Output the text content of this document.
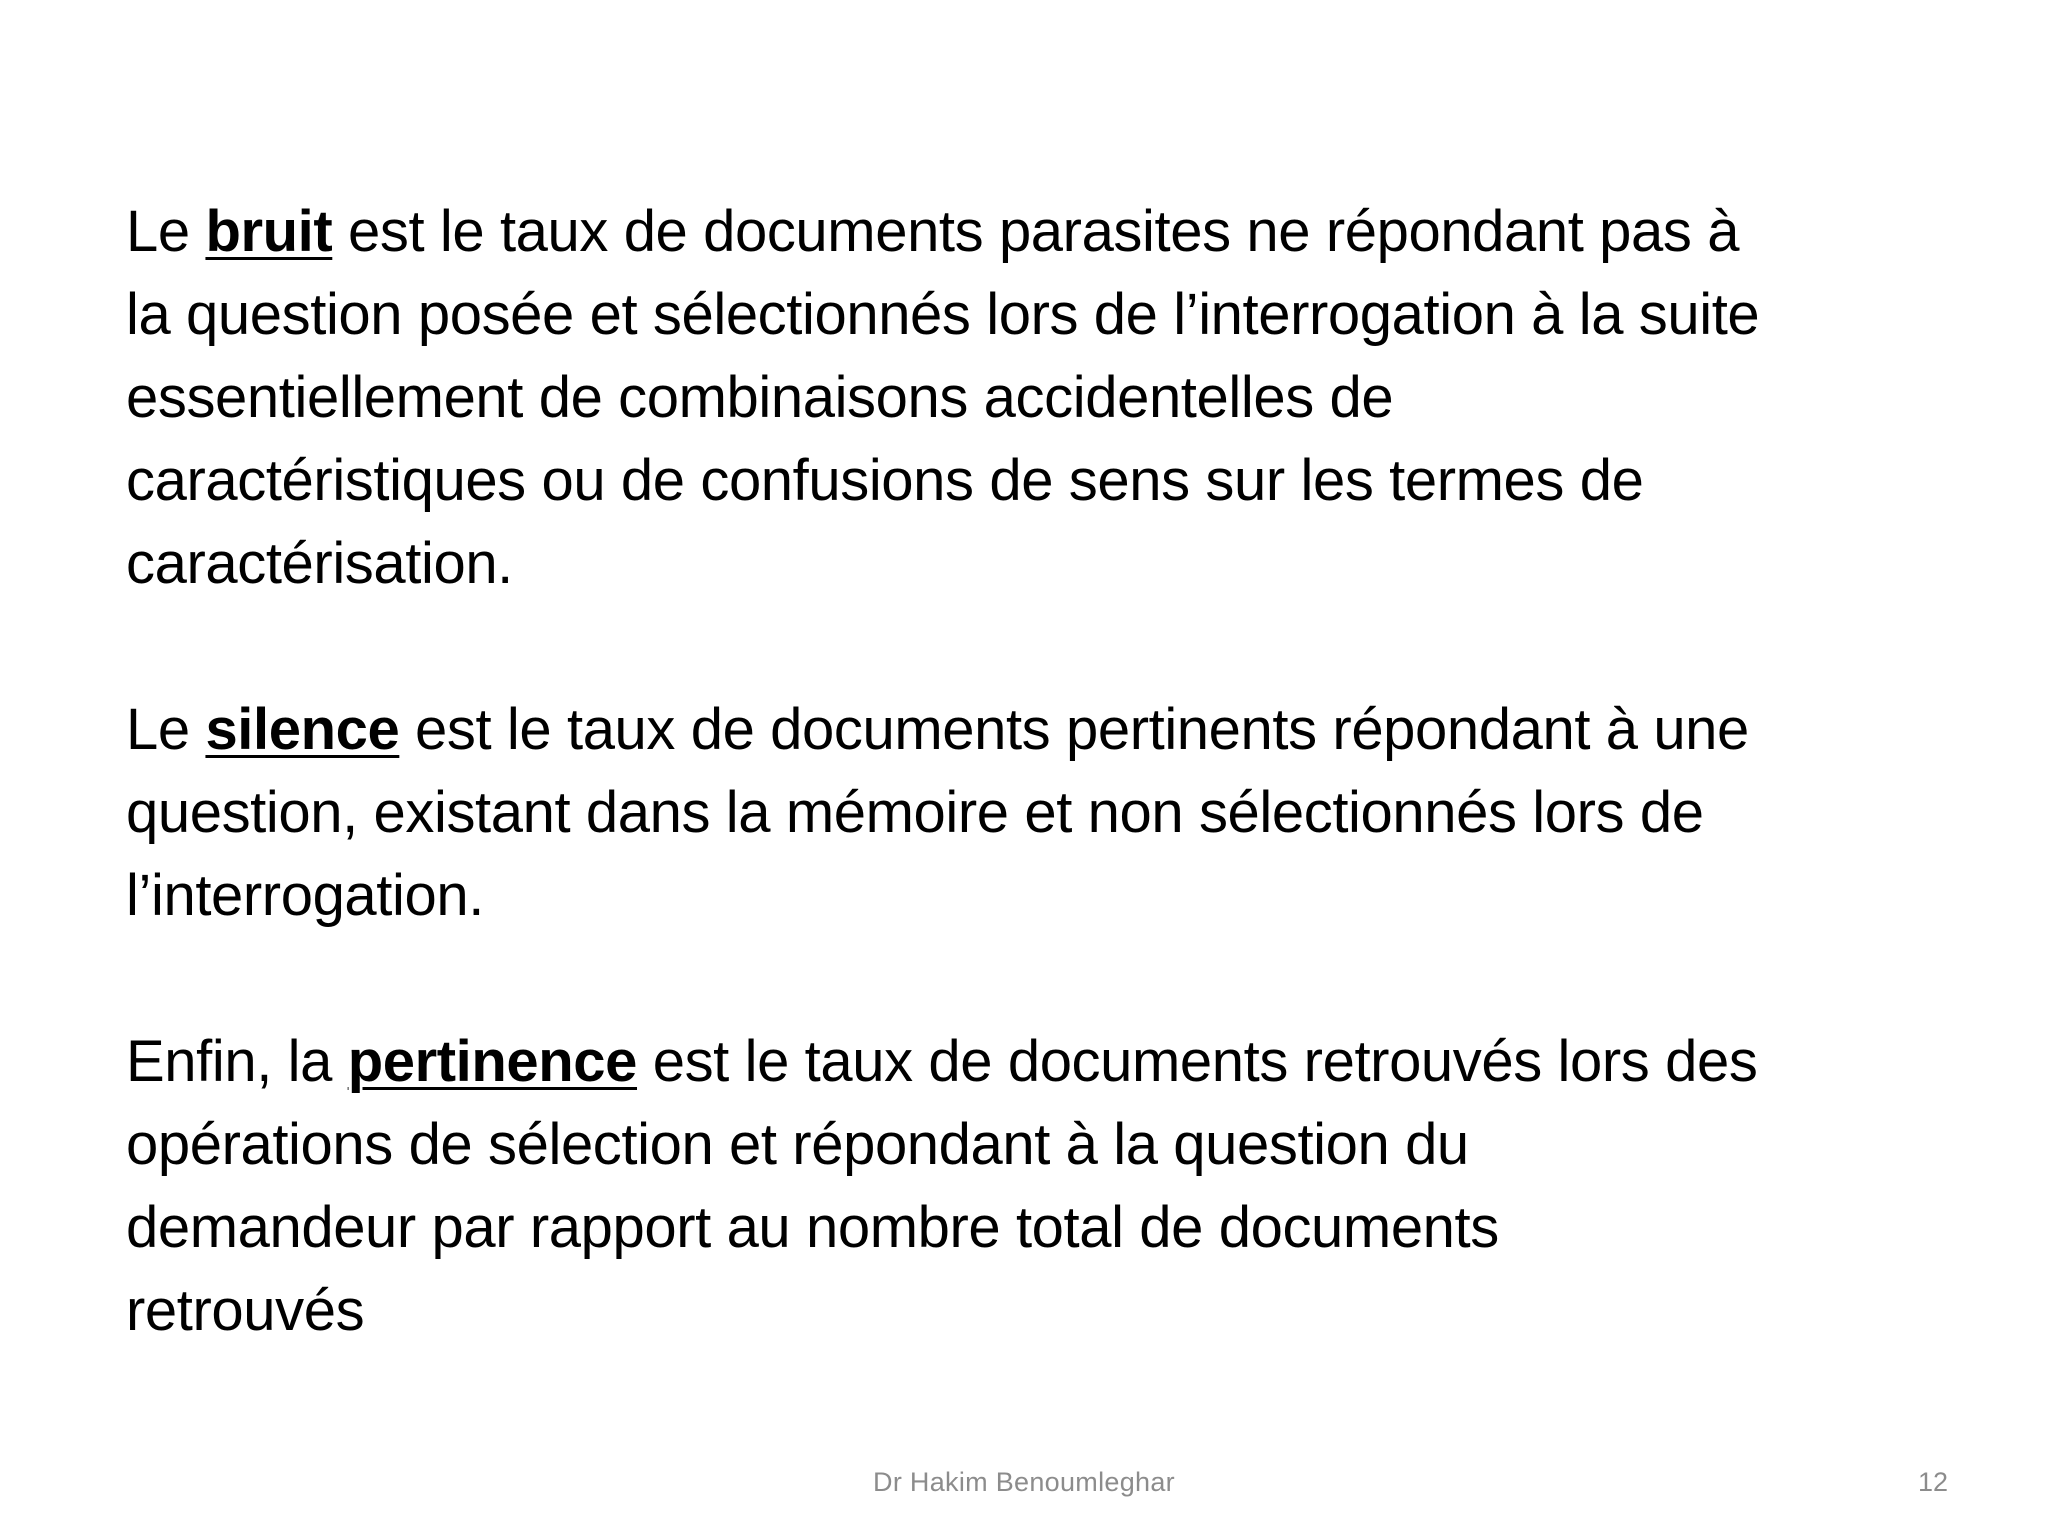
Le bruit est le taux de documents parasites ne répondant pas à
la question posée et sélectionnés lors de l’interrogation à la suite
essentiellement de combinaisons accidentelles de
caractéristiques ou de confusions de sens sur les termes de
caractérisation.

Le silence est le taux de documents pertinents répondant à une
question, existant dans la mémoire et non sélectionnés lors de
l’interrogation.

Enfin, la pertinence est le taux de documents retrouvés lors des
opérations de sélection et répondant à la question du
demandeur par rapport au nombre total de documents
retrouvés

Dr Hakim Benoumleghar	12
